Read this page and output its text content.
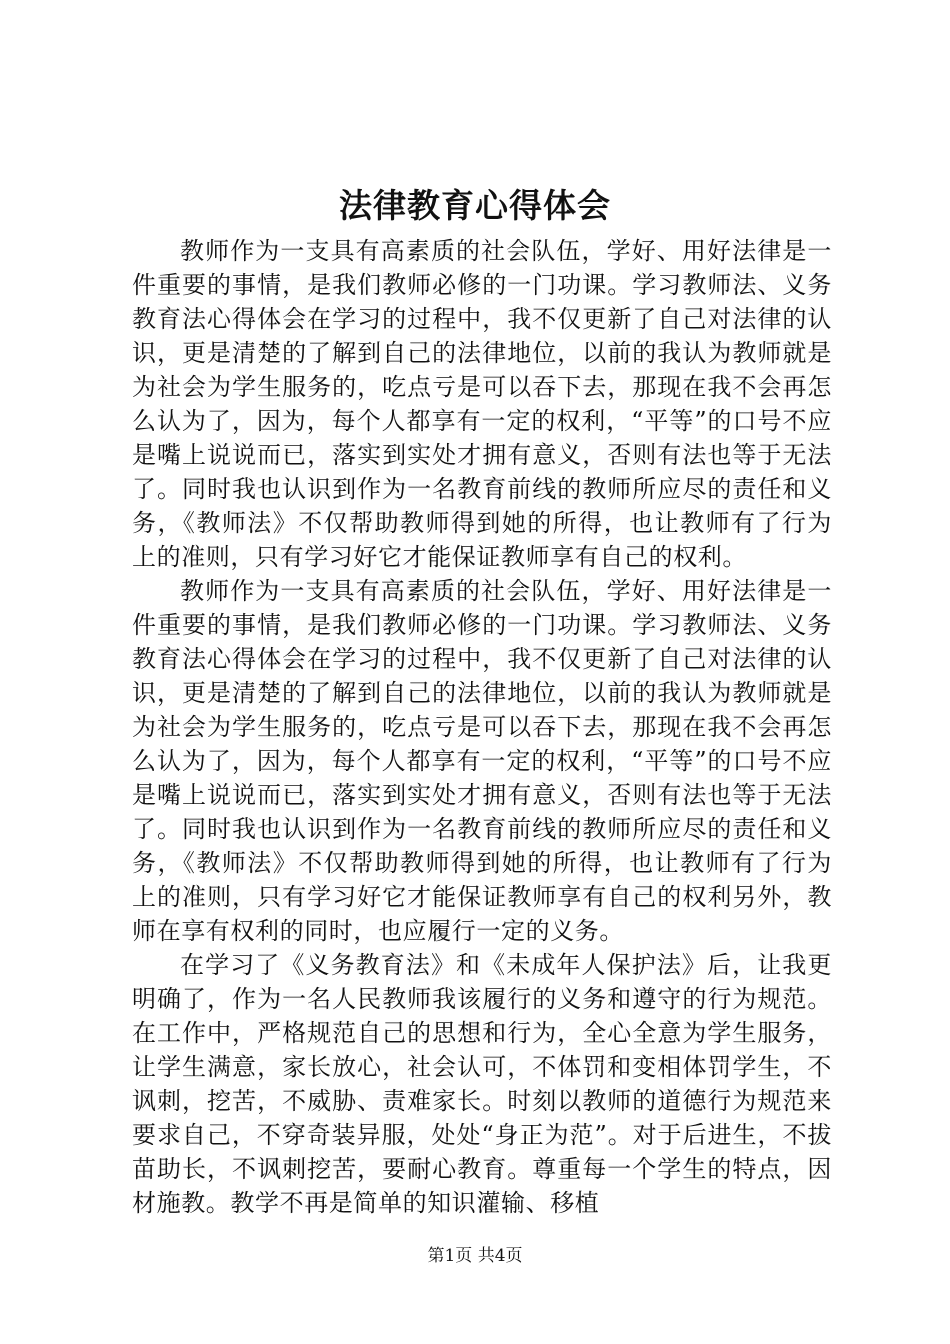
法律教育心得体会

教师作为一支具有高素质的社会队伍，学好、用好法律是一件重要的事情，是我们教师必修的一门功课。学习教师法、义务教育法心得体会在学习的过程中，我不仅更新了自己对法律的认识，更是清楚的了解到自己的法律地位，以前的我认为教师就是为社会为学生服务的，吃点亏是可以吞下去，那现在我不会再怎么认为了，因为，每个人都享有一定的权利，“平等”的口号不应是嘴上说说而已，落实到实处才拥有意义，否则有法也等于无法了。同时我也认识到作为一名教育前线的教师所应尽的责任和义务，《教师法》不仅帮助教师得到她的所得，也让教师有了行为上的准则，只有学习好它才能保证教师享有自己的权利。

教师作为一支具有高素质的社会队伍，学好、用好法律是一件重要的事情，是我们教师必修的一门功课。学习教师法、义务教育法心得体会在学习的过程中，我不仅更新了自己对法律的认识，更是清楚的了解到自己的法律地位，以前的我认为教师就是为社会为学生服务的，吃点亏是可以吞下去，那现在我不会再怎么认为了，因为，每个人都享有一定的权利，“平等”的口号不应是嘴上说说而已，落实到实处才拥有意义，否则有法也等于无法了。同时我也认识到作为一名教育前线的教师所应尽的责任和义务，《教师法》不仅帮助教师得到她的所得，也让教师有了行为上的准则，只有学习好它才能保证教师享有自己的权利另外，教师在享有权利的同时，也应履行一定的义务。

在学习了《义务教育法》和《未成年人保护法》后，让我更明确了，作为一名人民教师我该履行的义务和遵守的行为规范。在工作中，严格规范自己的思想和行为，全心全意为学生服务，让学生满意，家长放心，社会认可，不体罚和变相体罚学生，不讽刺，挖苦，不威胁、责难家长。时刻以教师的道德行为规范来要求自己，不穿奇装异服，处处“身正为范”。对于后进生，不拔苗助长，不讽刺挖苦，要耐心教育。尊重每一个学生的特点，因材施教。教学不再是简单的知识灌输、移植

第1页 共4页
